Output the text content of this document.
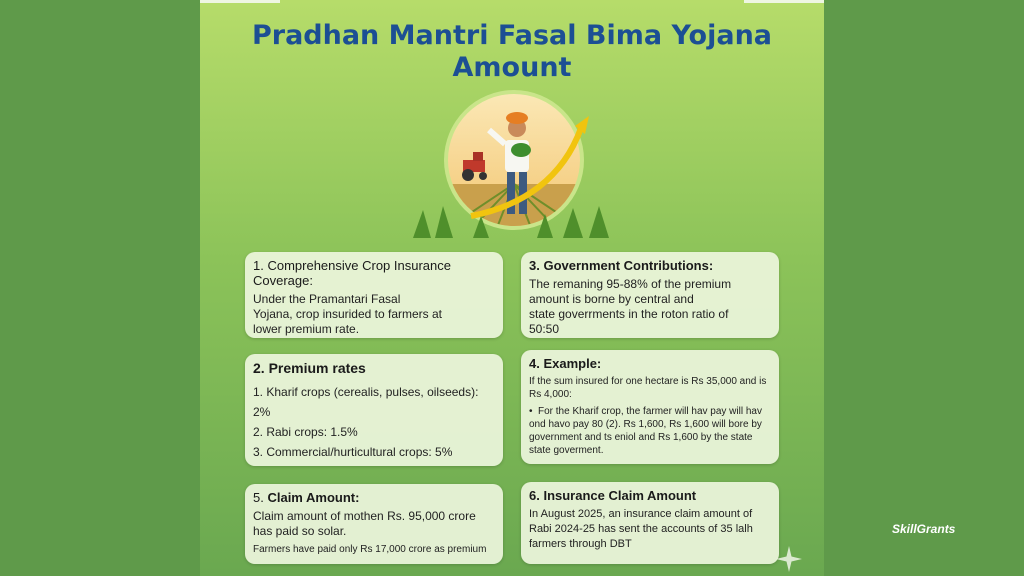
Pradhan Mantri Fasal Bima Yojana
Amount
1. Comprehensive Crop Insurance Coverage:

Under the Pramantari Fasal

Yojana, crop insurided to farmers at

lower premium rate.

3. Government Contributions:

The remaning 95-88% of the premium

amount is borne by central and

state goverrments in the roton ratio of

50:50

2. Premium rates
1. Kharif crops (cerealis, pulses, oilseeds): 2%
2. Rabi crops: 1.5%
3. Commercial/hurticultural crops: 5%
4. Example:

If the sum insured for one hectare is Rs 35,000 and is

Rs 4,000:

• For the Kharif crop, the farmer will hav pay will hav

ond havo pay 80 (2). Rs 1,600, Rs 1,600 will bore by

government and ts eniol and Rs 1,600 by the state

state goverment.

5. Claim Amount:

Claim amount of mothen Rs. 95,000 crore

has paid so solar.

Farmers have paid only Rs 17,000 crore as premium

6. Insurance Claim Amount

In August 2025, an insurance claim amount of

Rabi 2024-25 has sent the accounts of 35 lalh

farmers through DBT

SkillGrants
